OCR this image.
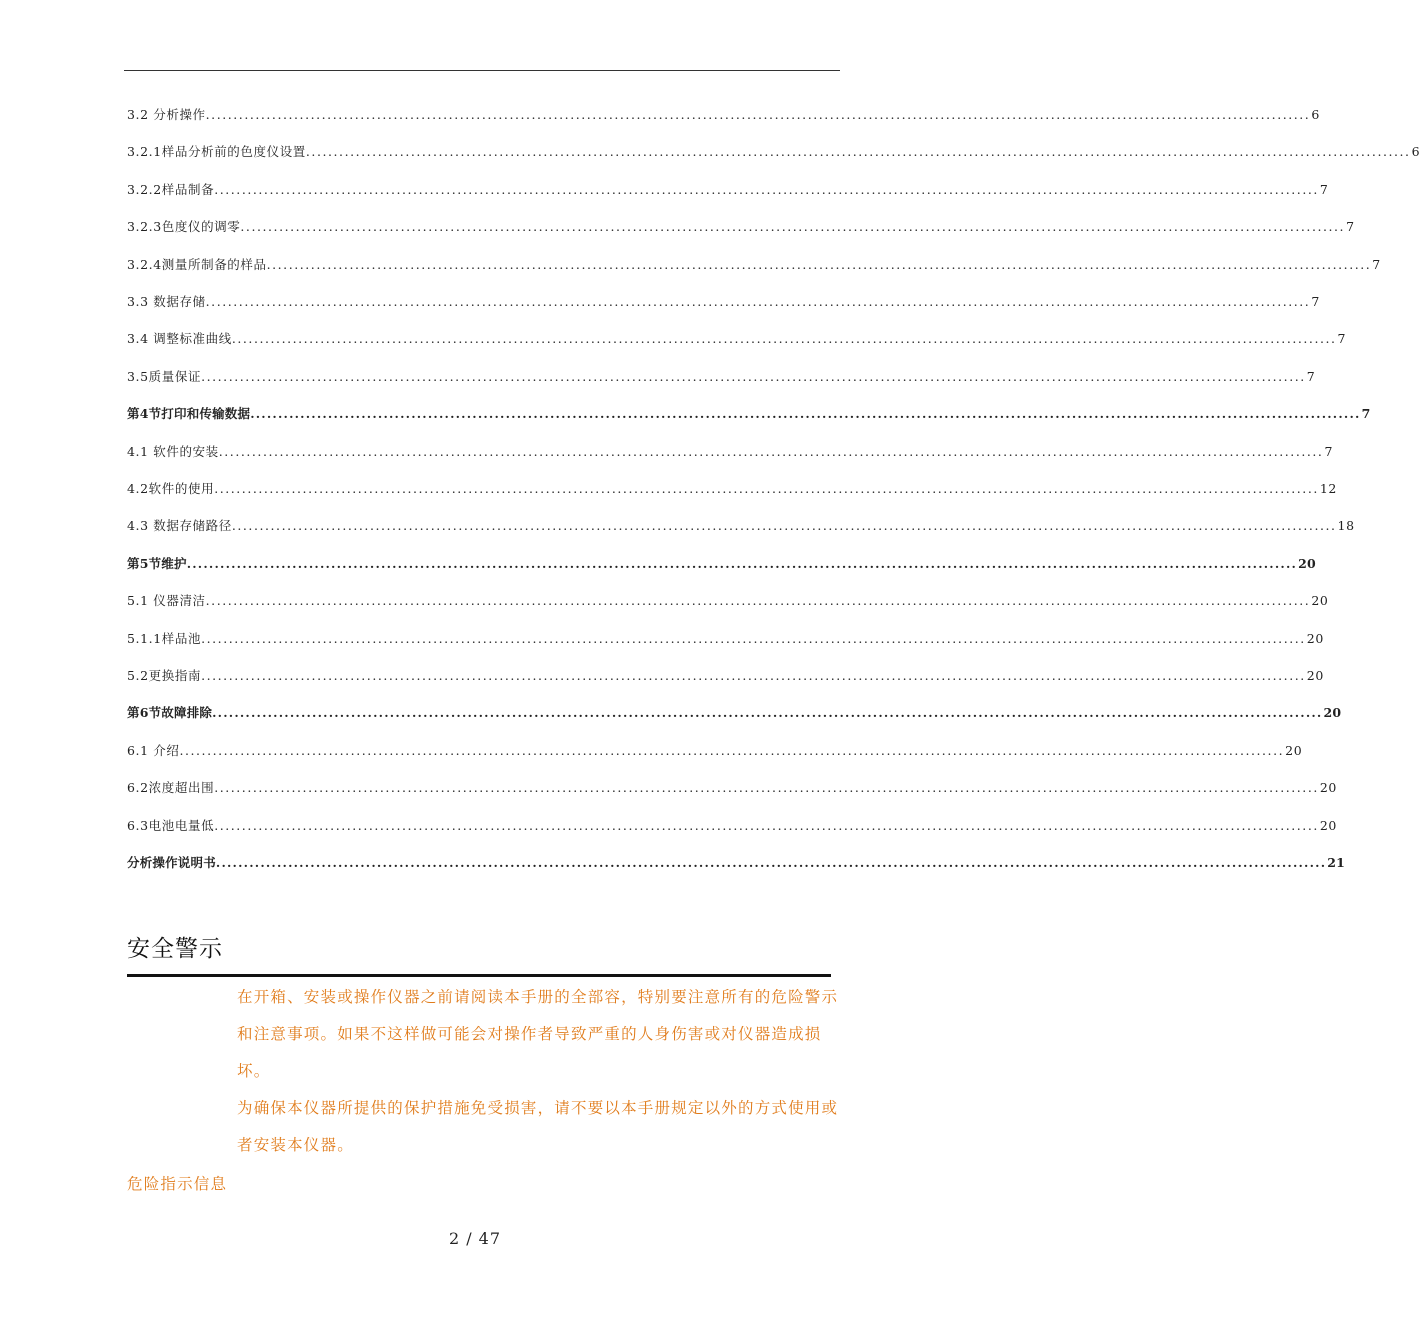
3.2 分析操作 ........................................................................................................................................................................................................ 6
3.2.1样品分析前的色度仪设置 ........................................................................................................................................................................................................ 6
3.2.2样品制备 ........................................................................................................................................................................................................ 7
3.2.3色度仪的调零 ........................................................................................................................................................................................................ 7
3.2.4测量所制备的样品 ........................................................................................................................................................................................................ 7
3.3 数据存储 ........................................................................................................................................................................................................ 7
3.4 调整标准曲线 ........................................................................................................................................................................................................ 7
3.5质量保证 ........................................................................................................................................................................................................ 7
第4节打印和传输数据 ........................................................................................................................................................................................................ 7
4.1 软件的安装 ........................................................................................................................................................................................................ 7
4.2软件的使用 ........................................................................................................................................................................................................ 12
4.3 数据存储路径 ........................................................................................................................................................................................................ 18
第5节维护 ........................................................................................................................................................................................................ 20
5.1 仪器清洁 ........................................................................................................................................................................................................ 20
5.1.1样品池 ........................................................................................................................................................................................................ 20
5.2更换指南 ........................................................................................................................................................................................................ 20
第6节故障排除 ........................................................................................................................................................................................................ 20
6.1 介绍 ........................................................................................................................................................................................................ 20
6.2浓度超出围 ........................................................................................................................................................................................................ 20
6.3电池电量低 ........................................................................................................................................................................................................ 20
分析操作说明书 ........................................................................................................................................................................................................ 21
安全警示
在开箱、安装或操作仪器之前请阅读本手册的全部容，特别要注意所有的危险警示
和注意事项。如果不这样做可能会对操作者导致严重的人身伤害或对仪器造成损
坏。
为确保本仪器所提供的保护措施免受损害，请不要以本手册规定以外的方式使用或
者安装本仪器。
危险指示信息
2 / 47
